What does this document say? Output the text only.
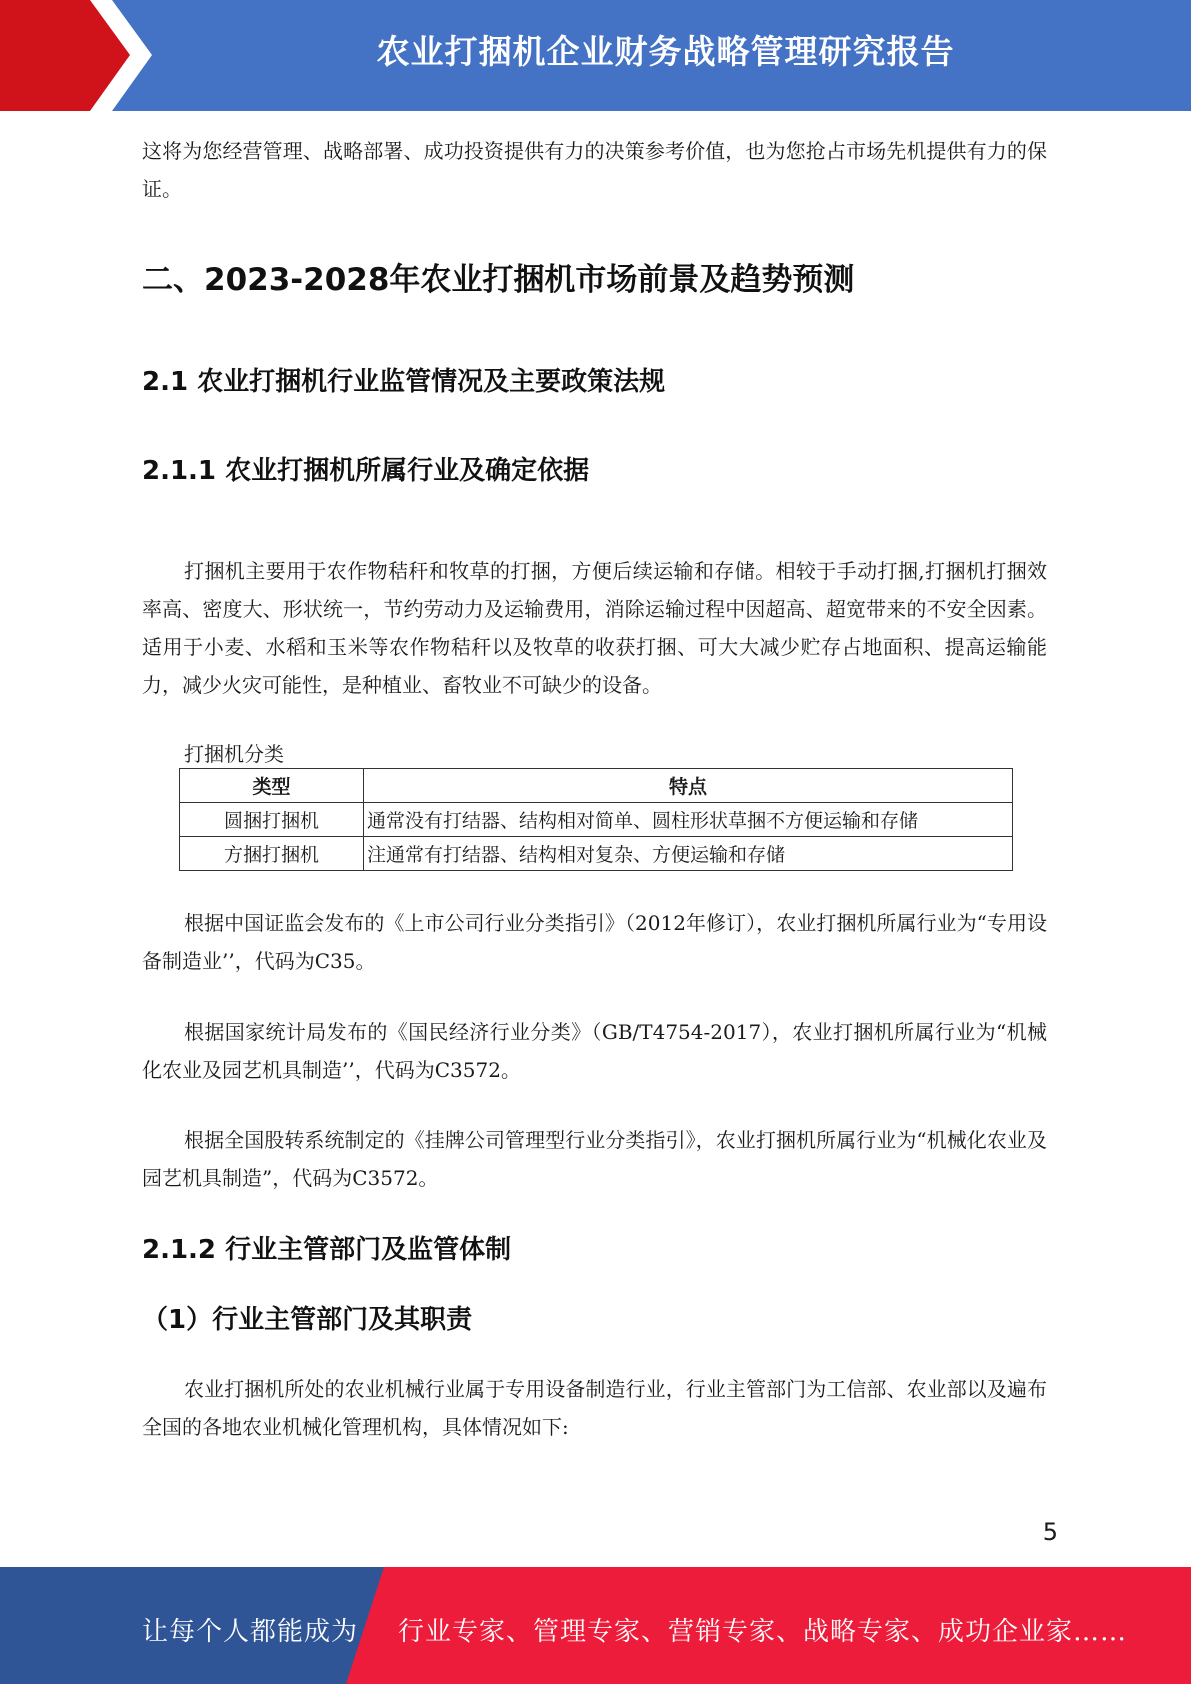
农业打捆机企业财务战略管理研究报告

这将为您经营管理、战略部署、成功投资提供有力的决策参考价值，也为您抢占市场先机提供有力的保证。

二、2023-2028年农业打捆机市场前景及趋势预测
2.1 农业打捆机行业监管情况及主要政策法规
2.1.1 农业打捆机所属行业及确定依据

打捆机主要用于农作物秸秆和牧草的打捆，方便后续运输和存储。相较于手动打捆,打捆机打捆效率高、密度大、形状统一，节约劳动力及运输费用，消除运输过程中因超高、超宽带来的不安全因素。适用于小麦、水稻和玉米等农作物秸秆以及牧草的收获打捆、可大大减少贮存占地面积、提高运输能力，减少火灾可能性，是种植业、畜牧业不可缺少的设备。

打捆机分类

类型	特点
圆捆打捆机	通常没有打结器、结构相对简单、圆柱形状草捆不方便运输和存储
方捆打捆机	注通常有打结器、结构相对复杂、方便运输和存储

根据中国证监会发布的《上市公司行业分类指引》（2012年修订），农业打捆机所属行业为“专用设备制造业’’，代码为C35。

根据国家统计局发布的《国民经济行业分类》（GB/T4754-2017），农业打捆机所属行业为“机械化农业及园艺机具制造’’，代码为C3572。

根据全国股转系统制定的《挂牌公司管理型行业分类指引》，农业打捆机所属行业为“机械化农业及园艺机具制造”，代码为C3572。

2.1.2 行业主管部门及监管体制
（1）行业主管部门及其职责

农业打捆机所处的农业机械行业属于专用设备制造行业，行业主管部门为工信部、农业部以及遍布全国的各地农业机械化管理机构，具体情况如下:

5
让每个人都能成为 行业专家、管理专家、营销专家、战略专家、成功企业家……
